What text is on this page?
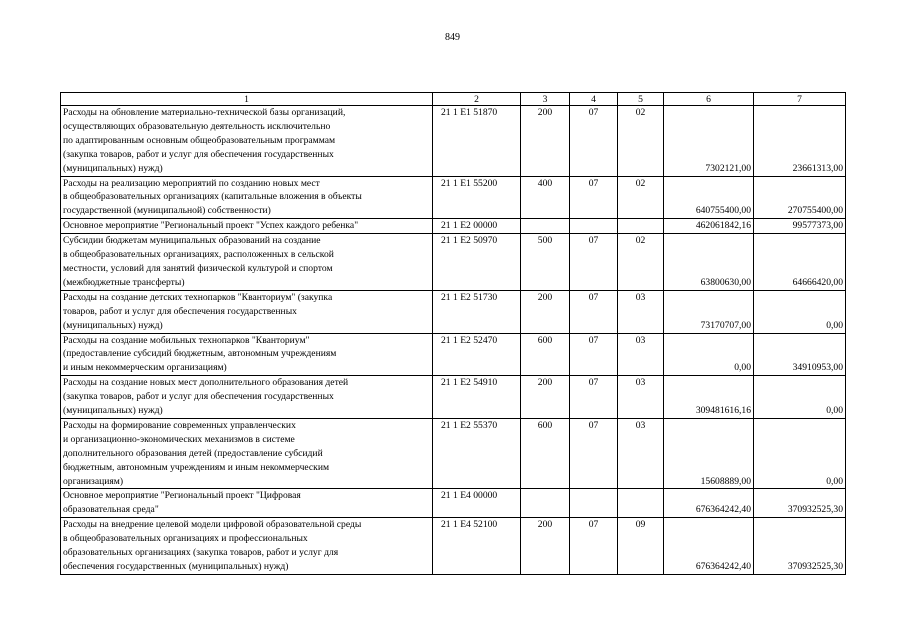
849
1	2	3	4	5	6	7
Расходы на обновление материально-технической базы организаций,
осуществляющих образовательную деятельность исключительно
по адаптированным основным общеобразовательным программам
(закупка товаров, работ и услуг для обеспечения государственных
(муниципальных) нужд)	21 1 E1 51870	200	07	02	7302121,00	23661313,00
Расходы на реализацию мероприятий по созданию новых мест
в общеобразовательных организациях (капитальные вложения в объекты
государственной (муниципальной) собственности)	21 1 E1 55200	400	07	02	640755400,00	270755400,00
Основное мероприятие "Региональный проект "Успех каждого ребенка"	21 1 E2 00000				462061842,16	99577373,00
Субсидии бюджетам муниципальных образований на создание
в общеобразовательных организациях, расположенных в сельской
местности, условий для занятий физической культурой и спортом
(межбюджетные трансферты)	21 1 E2 50970	500	07	02	63800630,00	64666420,00
Расходы на создание детских технопарков "Кванториум" (закупка
товаров, работ и услуг для обеспечения государственных
(муниципальных) нужд)	21 1 E2 51730	200	07	03	73170707,00	0,00
Расходы на создание мобильных технопарков "Кванториум"
(предоставление субсидий бюджетным, автономным учреждениям
и иным некоммерческим организациям)	21 1 E2 52470	600	07	03	0,00	34910953,00
Расходы на создание новых мест дополнительного образования детей
(закупка товаров, работ и услуг для обеспечения государственных
(муниципальных) нужд)	21 1 E2 54910	200	07	03	309481616,16	0,00
Расходы на формирование современных управленческих
и организационно-экономических механизмов в системе
дополнительного образования детей (предоставление субсидий
бюджетным, автономным учреждениям и иным некоммерческим
организациям)	21 1 E2 55370	600	07	03	15608889,00	0,00
Основное мероприятие "Региональный проект "Цифровая
образовательная среда"	21 1 E4 00000				676364242,40	370932525,30
Расходы на внедрение целевой модели цифровой образовательной среды
в общеобразовательных организациях и профессиональных
образовательных организациях (закупка товаров, работ и услуг для
обеспечения государственных (муниципальных) нужд)	21 1 E4 52100	200	07	09	676364242,40	370932525,30
